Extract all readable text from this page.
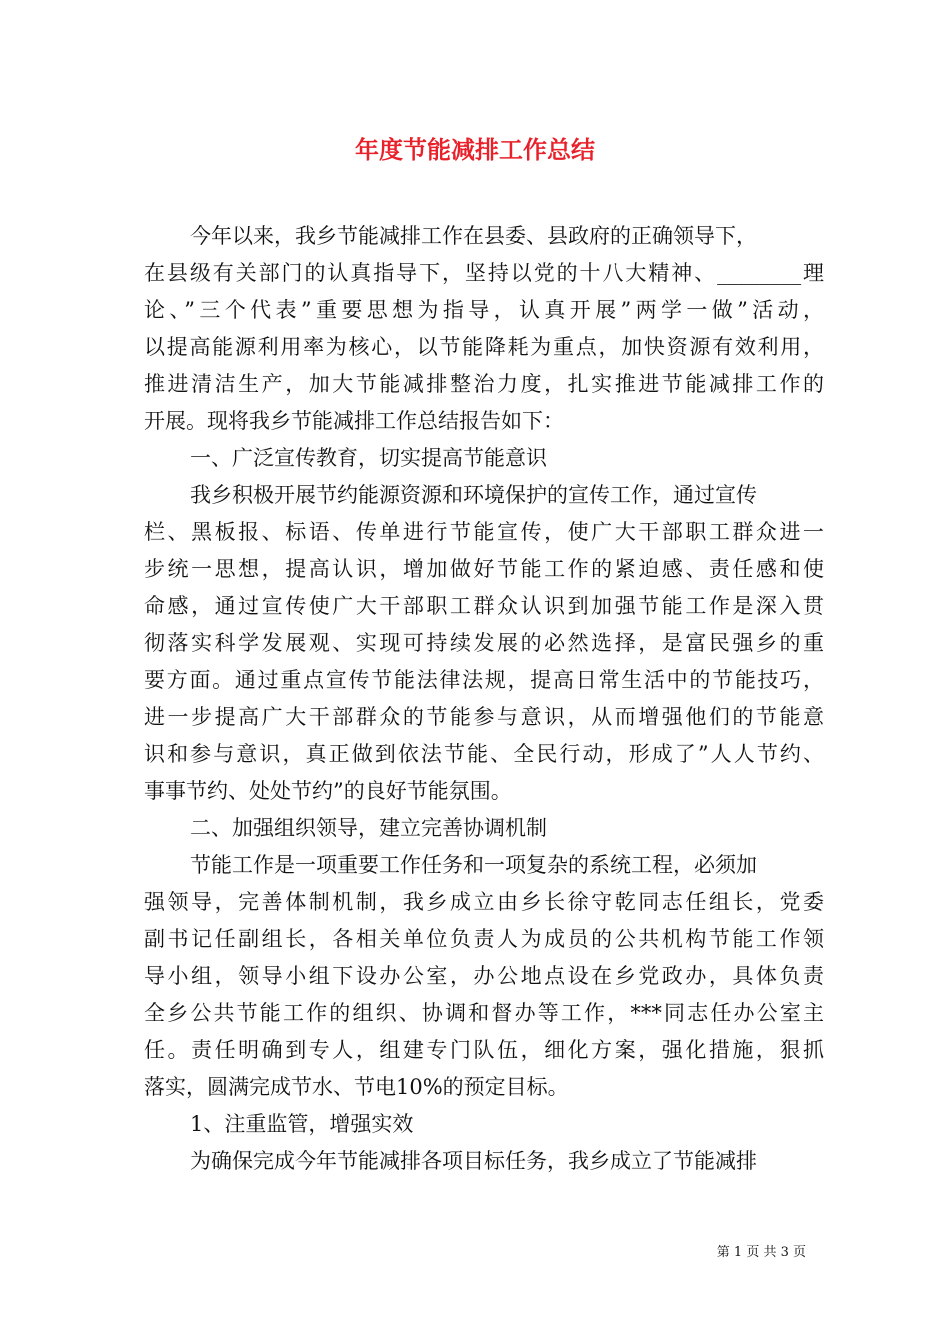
年度节能减排工作总结
今年以来，我乡节能减排工作在县委、县政府的正确领导下，
在县级有关部门的认真指导下，坚持以党的十八大精神、________理
论、”三个代表”重要思想为指导，认真开展”两学一做”活动，
以提高能源利用率为核心，以节能降耗为重点，加快资源有效利用，
推进清洁生产，加大节能减排整治力度，扎实推进节能减排工作的
开展。现将我乡节能减排工作总结报告如下：
一、广泛宣传教育，切实提高节能意识
我乡积极开展节约能源资源和环境保护的宣传工作，通过宣传
栏、黑板报、标语、传单进行节能宣传，使广大干部职工群众进一
步统一思想，提高认识，增加做好节能工作的紧迫感、责任感和使
命感，通过宣传使广大干部职工群众认识到加强节能工作是深入贯
彻落实科学发展观、实现可持续发展的必然选择，是富民强乡的重
要方面。通过重点宣传节能法律法规，提高日常生活中的节能技巧，
进一步提高广大干部群众的节能参与意识，从而增强他们的节能意
识和参与意识，真正做到依法节能、全民行动，形成了”人人节约、
事事节约、处处节约”的良好节能氛围。
二、加强组织领导，建立完善协调机制
节能工作是一项重要工作任务和一项复杂的系统工程，必须加
强领导，完善体制机制，我乡成立由乡长徐守乾同志任组长，党委
副书记任副组长，各相关单位负责人为成员的公共机构节能工作领
导小组，领导小组下设办公室，办公地点设在乡党政办，具体负责
全乡公共节能工作的组织、协调和督办等工作，***同志任办公室主
任。责任明确到专人，组建专门队伍，细化方案，强化措施，狠抓
落实，圆满完成节水、节电10%的预定目标。
1、注重监管，增强实效
为确保完成今年节能减排各项目标任务，我乡成立了节能减排
第 1 页 共 3 页
